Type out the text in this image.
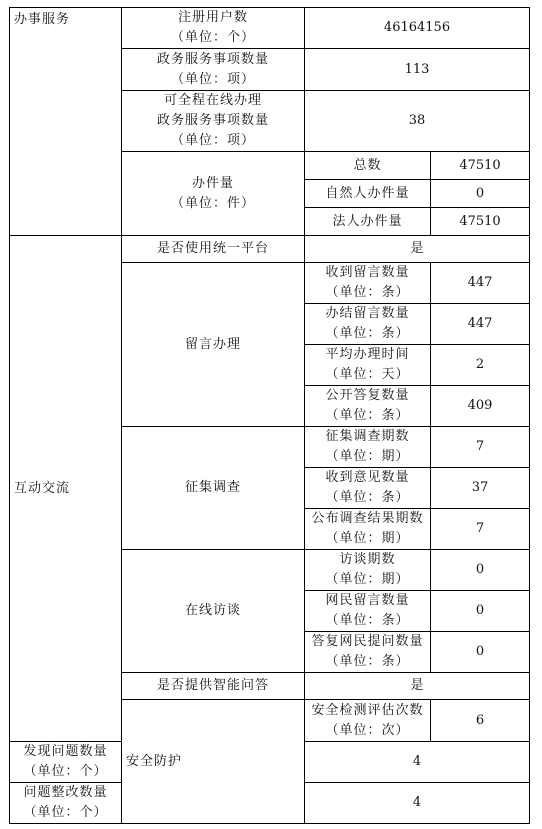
办事服务	注册用户数
（单位：个）	46164156	

	政务服务事项数量
（单位：项）	113	

	可全程在线办理
政务服务事项数量
（单位：项）	38	

	办件量
（单位：件）	总数	47510
		自然人办件量	0
		法人办件量	47510
互动交流	是否使用统一平台	是	
	留言办理	收到留言数量
（单位：条）	447

		办结留言数量
（单位：条）	447

		平均办理时间
（单位：天）	2

		公开答复数量
（单位：条）	409
	征集调查	征集调查期数
（单位：期）	7

		收到意见数量
（单位：条）	37

		公布调查结果期数
（单位：期）	7
	在线访谈	访谈期数
（单位：期）	0

		网民留言数量
（单位：条）	0

		答复网民提问数量
（单位：条）	0
	是否提供智能问答	是	
	安全防护	安全检测评估次数
（单位：次）	6

发现问题数量
（单位：个）		4	

问题整改数量
（单位：个）		4	
